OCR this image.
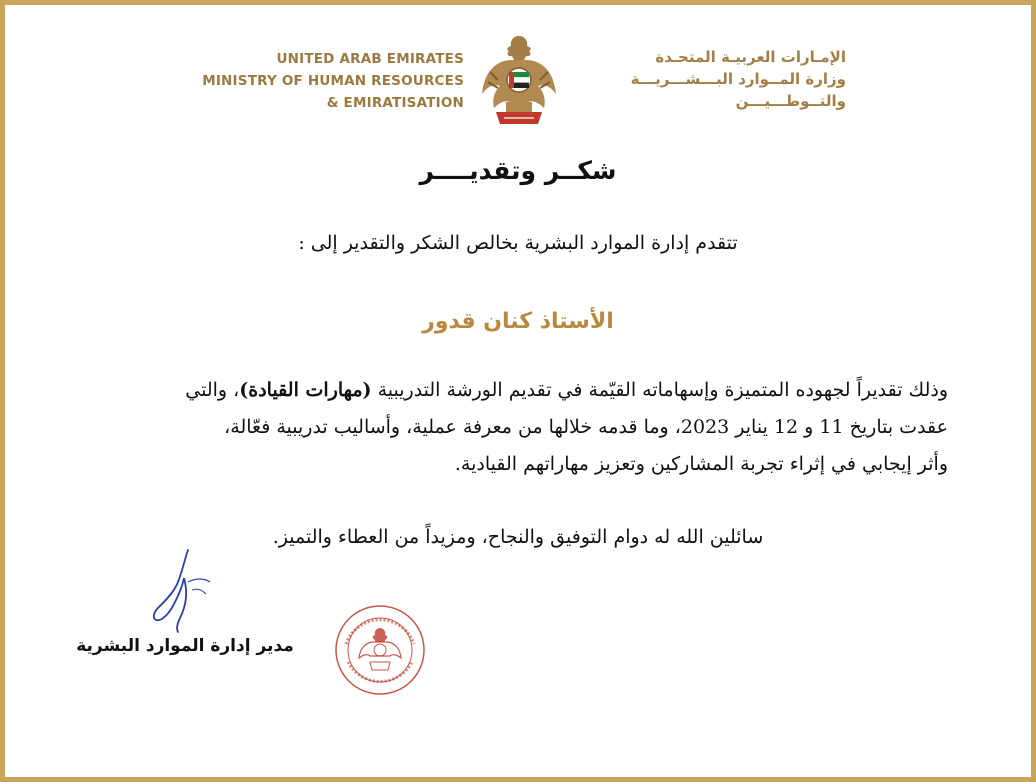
UNITED ARAB EMIRATES
MINISTRY OF HUMAN RESOURCES
& EMIRATISATION
الإمـارات العربيـة المتحـدة
وزارة المــوارد البـــشـــريـــة
والتــوطـــيـــن
شكــر وتقديــــر
تتقدم إدارة الموارد البشرية بخالص الشكر والتقدير إلى :
الأستاذ كنان قدور
وذلك تقديراً لجهوده المتميزة وإسهاماته القيّمة في تقديم الورشة التدريبية (مهارات القيادة)، والتي
عقدت بتاريخ 11 و 12 يناير 2023، وما قدمه خلالها من معرفة عملية، وأساليب تدريبية فعّالة،
وأثر إيجابي في إثراء تجربة المشاركين وتعزيز مهاراتهم القيادية.
سائلين الله له دوام التوفيق والنجاح، ومزيداً من العطاء والتميز.
مدير إدارة الموارد البشرية
